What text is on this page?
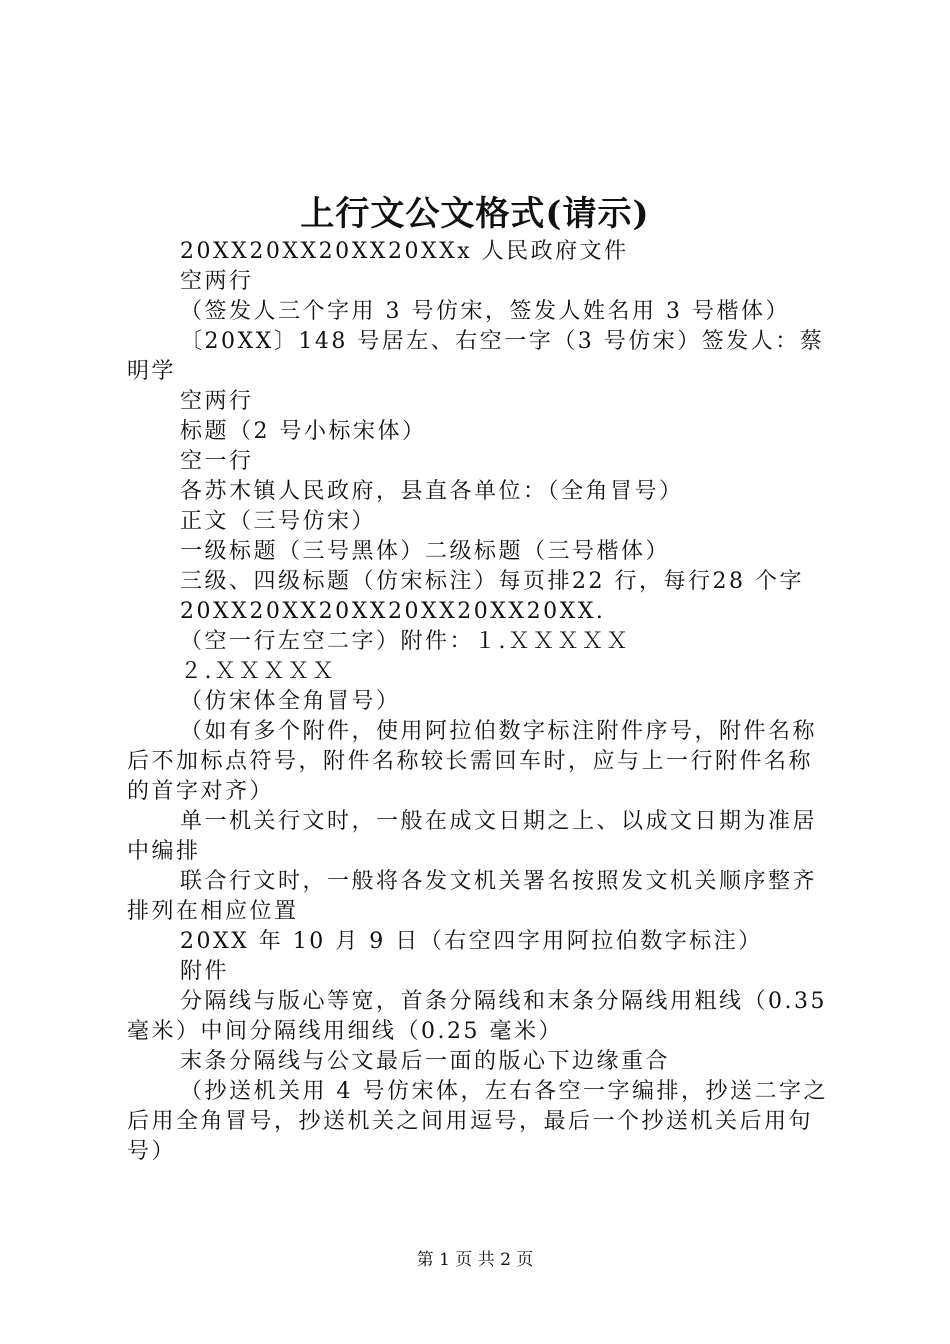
上行文公文格式(请示)

20XX20XX20XX20XXx 人民政府文件

空两行

（签发人三个字用 3 号仿宋，签发人姓名用 3 号楷体）

〔20XX〕148 号居左、右空一字（3 号仿宋）签发人：蔡明学

空两行

标题（2 号小标宋体）

空一行

各苏木镇人民政府，县直各单位：（全角冒号）

正文（三号仿宋）

一级标题（三号黑体）二级标题（三号楷体）

三级、四级标题（仿宋标注）每页排22 行，每行28 个字

20XX20XX20XX20XX20XX20XX.

（空一行左空二字）附件：１.ＸＸＸＸＸ

２.ＸＸＸＸＸ

（仿宋体全角冒号）

（如有多个附件，使用阿拉伯数字标注附件序号，附件名称后不加标点符号，附件名称较长需回车时，应与上一行附件名称的首字对齐）

单一机关行文时，一般在成文日期之上、以成文日期为准居中编排

联合行文时，一般将各发文机关署名按照发文机关顺序整齐排列在相应位置

20XX 年 10 月 9 日（右空四字用阿拉伯数字标注）

附件

分隔线与版心等宽，首条分隔线和末条分隔线用粗线（0.35 毫米）中间分隔线用细线（0.25 毫米）

末条分隔线与公文最后一面的版心下边缘重合

（抄送机关用 4 号仿宋体，左右各空一字编排，抄送二字之后用全角冒号，抄送机关之间用逗号，最后一个抄送机关后用句号）

第 1 页 共 2 页
